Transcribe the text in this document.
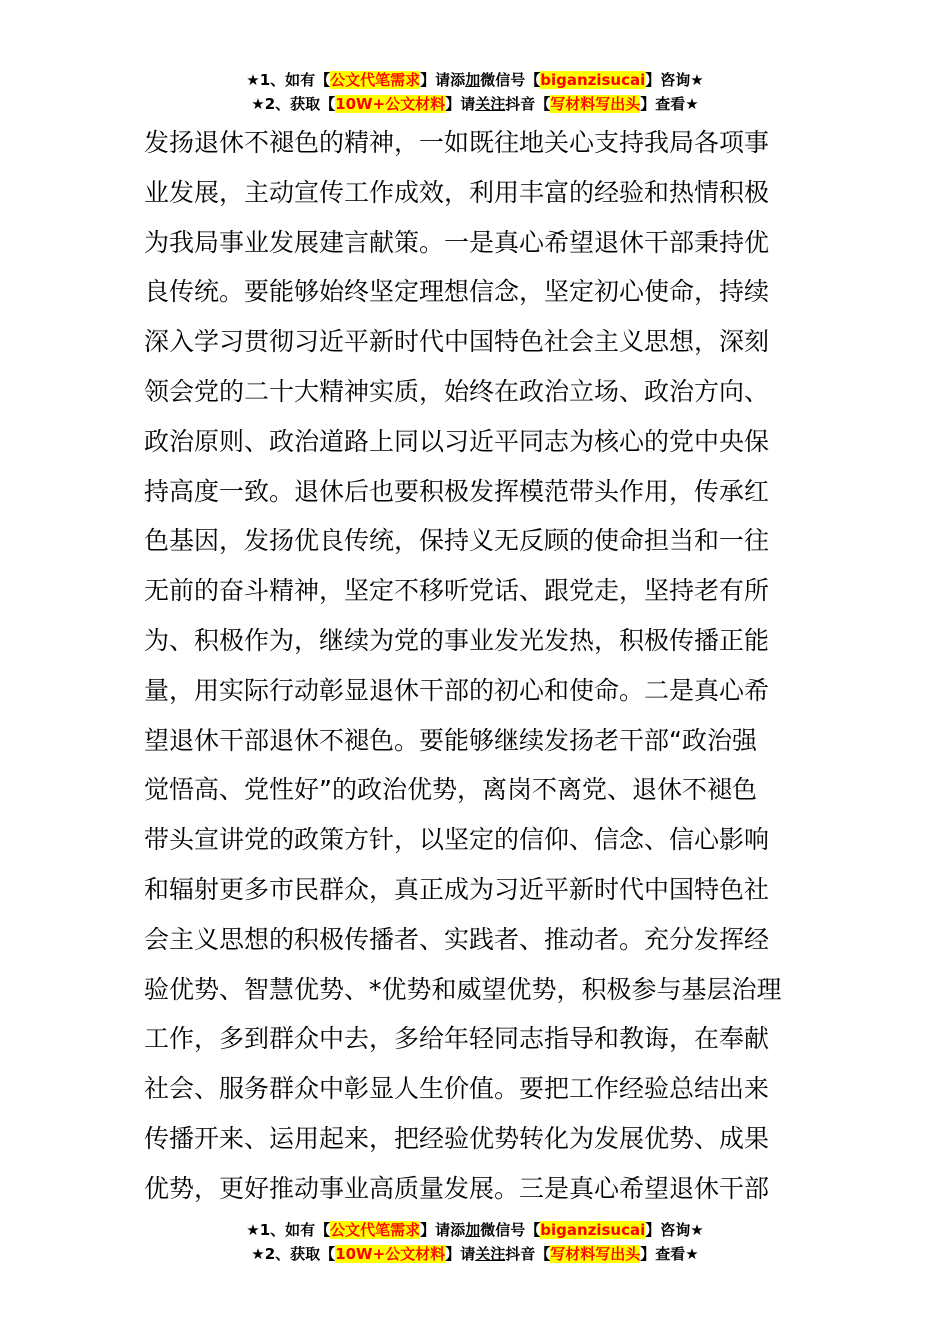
★1、如有【公文代笔需求】请添加微信号【biganzisucai】咨询★
★2、获取【10W+公文材料】请关注抖音【写材料写出头】查看★
发扬退休不褪色的精神，一如既往地关心支持我局各项事
业发展，主动宣传工作成效，利用丰富的经验和热情积极
为我局事业发展建言献策。一是真心希望退休干部秉持优
良传统。要能够始终坚定理想信念，坚定初心使命，持续
深入学习贯彻习近平新时代中国特色社会主义思想，深刻
领会党的二十大精神实质，始终在政治立场、政治方向、
政治原则、政治道路上同以习近平同志为核心的党中央保
持高度一致。退休后也要积极发挥模范带头作用，传承红
色基因，发扬优良传统，保持义无反顾的使命担当和一往
无前的奋斗精神，坚定不移听党话、跟党走，坚持老有所
为、积极作为，继续为党的事业发光发热，积极传播正能
量，用实际行动彰显退休干部的初心和使命。二是真心希
望退休干部退休不褪色。要能够继续发扬老干部“政治强
觉悟高、党性好”的政治优势，离岗不离党、退休不褪色
带头宣讲党的政策方针，以坚定的信仰、信念、信心影响
和辐射更多市民群众，真正成为习近平新时代中国特色社
会主义思想的积极传播者、实践者、推动者。充分发挥经
验优势、智慧优势、*优势和威望优势，积极参与基层治理
工作，多到群众中去，多给年轻同志指导和教诲，在奉献
社会、服务群众中彰显人生价值。要把工作经验总结出来
传播开来、运用起来，把经验优势转化为发展优势、成果
优势，更好推动事业高质量发展。三是真心希望退休干部
★1、如有【公文代笔需求】请添加微信号【biganzisucai】咨询★
★2、获取【10W+公文材料】请关注抖音【写材料写出头】查看★
